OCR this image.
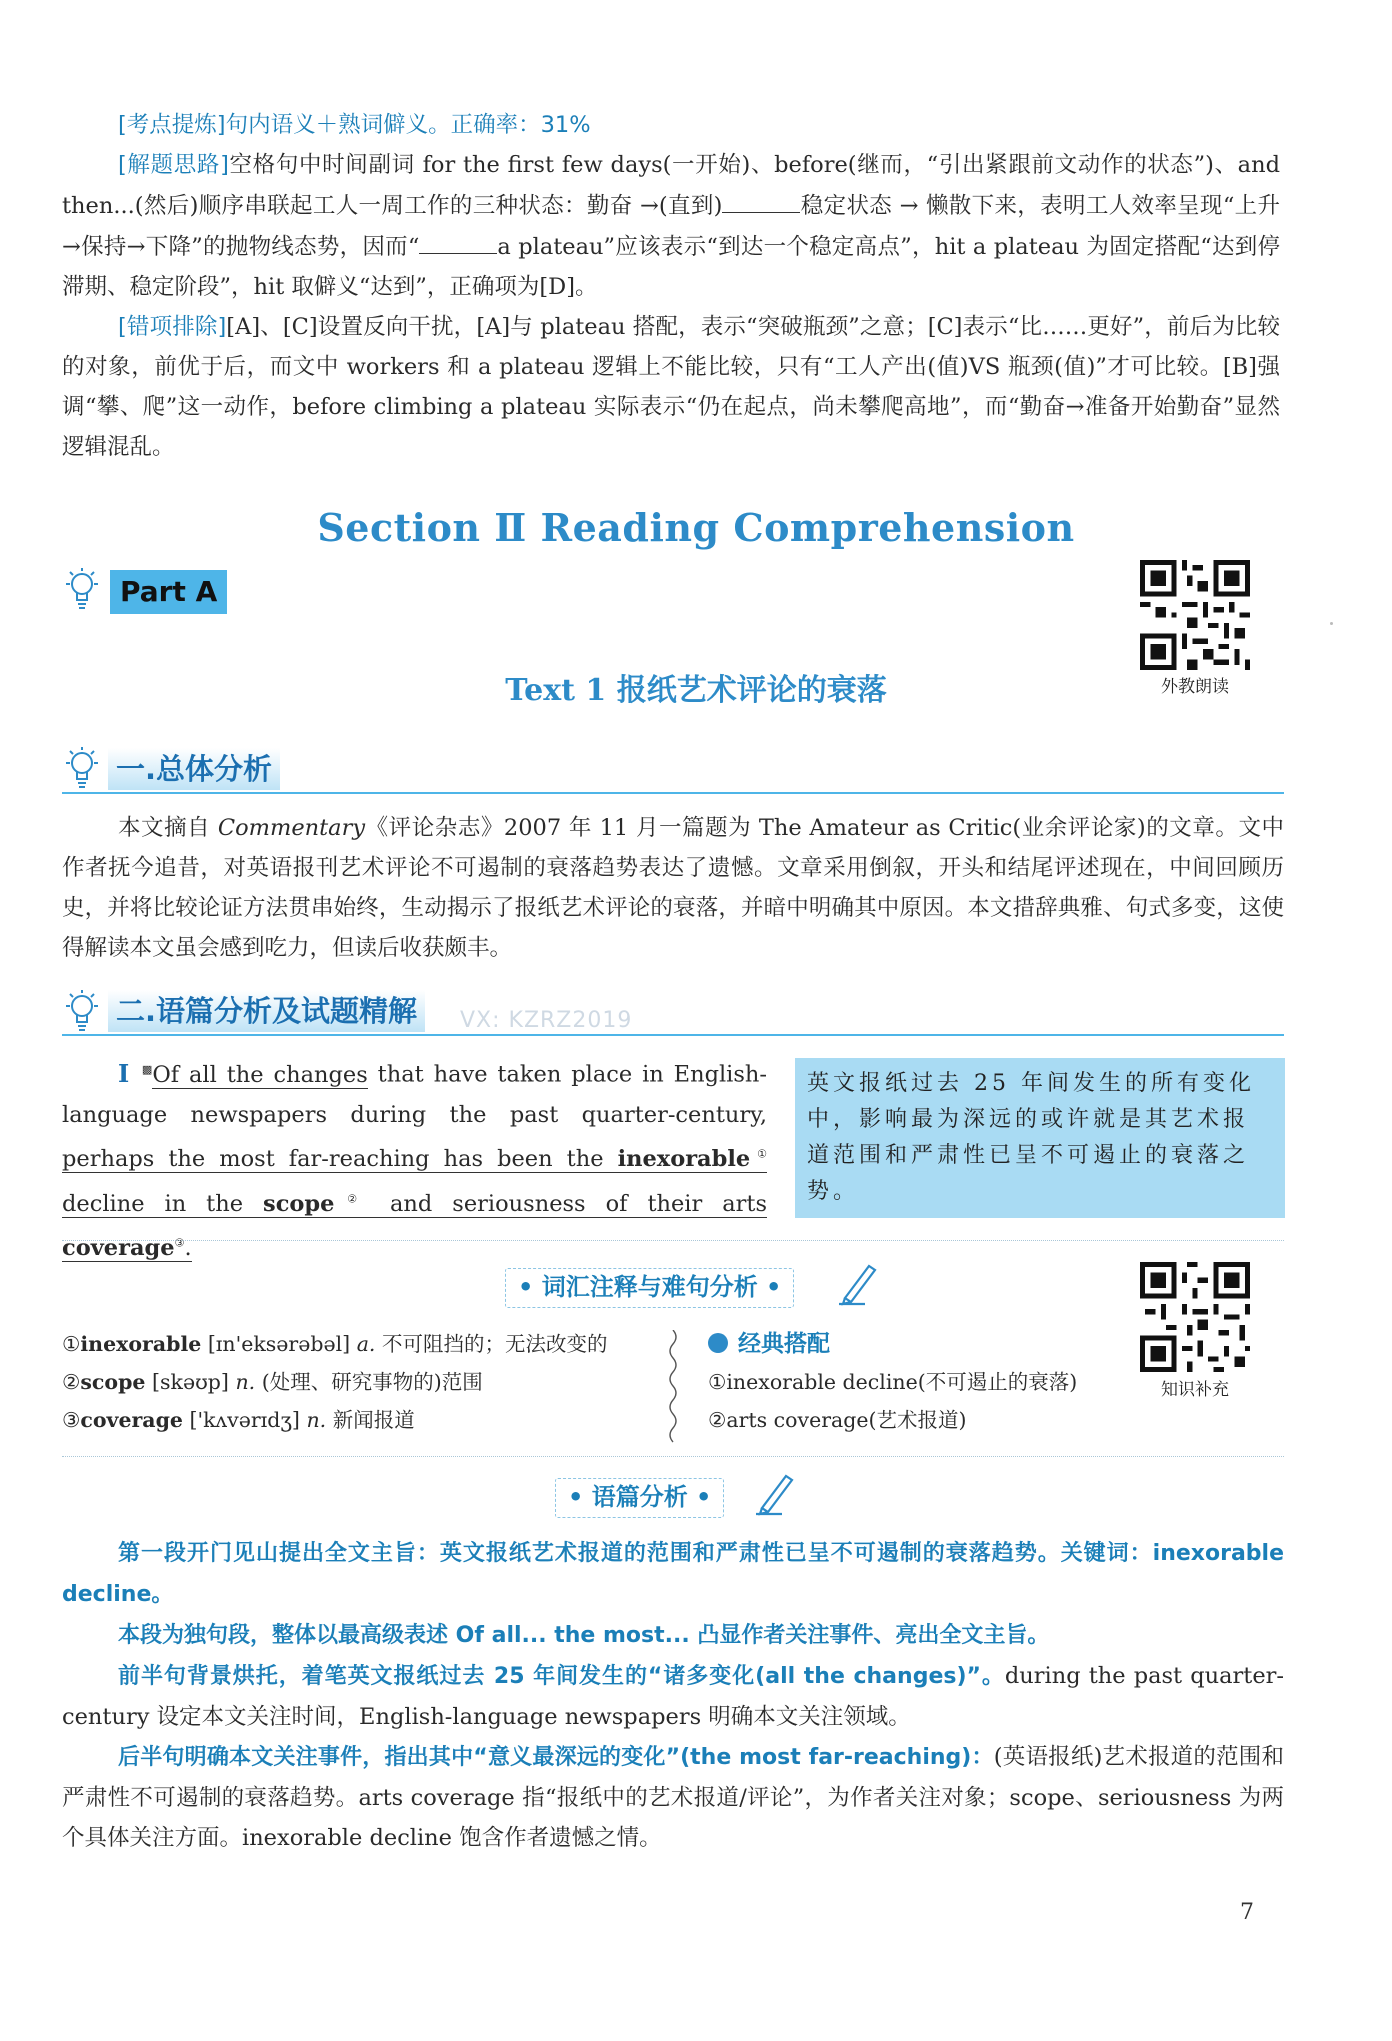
[考点提炼]句内语义＋熟词僻义。正确率：31%

[解题思路]空格句中时间副词 for the first few days(一开始)、before(继而，“引出紧跟前文动作的状态”)、and then...(然后)顺序串联起工人一周工作的三种状态：勤奋 →(直到)	稳定状态 → 懒散下来，表明工人效率呈现“上升→保持→下降”的抛物线态势，因而“	a plateau”应该表示“到达一个稳定高点”，hit a plateau 为固定搭配“达到停滞期、稳定阶段”，hit 取僻义“达到”，正确项为[D]。

[错项排除][A]、[C]设置反向干扰，[A]与 plateau 搭配，表示“突破瓶颈”之意；[C]表示“比……更好”，前后为比较的对象，前优于后，而文中 workers 和 a plateau 逻辑上不能比较，只有“工人产出(值)VS 瓶颈(值)”才可比较。[B]强调“攀、爬”这一动作，before climbing a plateau 实际表示“仍在起点，尚未攀爬高地”，而“勤奋→准备开始勤奋”显然逻辑混乱。

Section Ⅱ Reading Comprehension
Part A
外教朗读
Text 1 报纸艺术评论的衰落
一.总体分析
本文摘自 Commentary《评论杂志》2007 年 11 月一篇题为 The Amateur as Critic(业余评论家)的文章。文中作者抚今追昔，对英语报刊艺术评论不可遏制的衰落趋势表达了遗憾。文章采用倒叙，开头和结尾评述现在，中间回顾历史，并将比较论证方法贯串始终，生动揭示了报纸艺术评论的衰落，并暗中明确其中原因。本文措辞典雅、句式多变，这使得解读本文虽会感到吃力，但读后收获颇丰。
二.语篇分析及试题精解	VX: KZRZ2019
Ⅰ ▩Of all the changes that have taken place in English-language newspapers during the past quarter-century, perhaps the most far-reaching has been the inexorable① decline in the scope② and seriousness of their arts coverage③.
英文报纸过去 25 年间发生的所有变化中，影响最为深远的或许就是其艺术报道范围和严肃性已呈不可遏止的衰落之势。
• 词汇注释与难句分析 •
知识补充
①inexorable [ɪn'eksərəbəl] a. 不可阻挡的；无法改变的
②scope [skəʊp] n. (处理、研究事物的)范围
③coverage ['kʌvərɪdʒ] n. 新闻报道
经典搭配
①inexorable decline(不可遏止的衰落)
②arts coverage(艺术报道)
• 语篇分析 •

第一段开门见山提出全文主旨：英文报纸艺术报道的范围和严肃性已呈不可遏制的衰落趋势。关键词：inexorable decline。

本段为独句段，整体以最高级表述 Of all... the most... 凸显作者关注事件、亮出全文主旨。

前半句背景烘托，着笔英文报纸过去 25 年间发生的“诸多变化(all the changes)”。during the past quarter-century 设定本文关注时间，English-language newspapers 明确本文关注领域。

后半句明确本文关注事件，指出其中“意义最深远的变化”(the most far-reaching)：(英语报纸)艺术报道的范围和严肃性不可遏制的衰落趋势。arts coverage 指“报纸中的艺术报道/评论”，为作者关注对象；scope、seriousness 为两个具体关注方面。inexorable decline 饱含作者遗憾之情。

7
